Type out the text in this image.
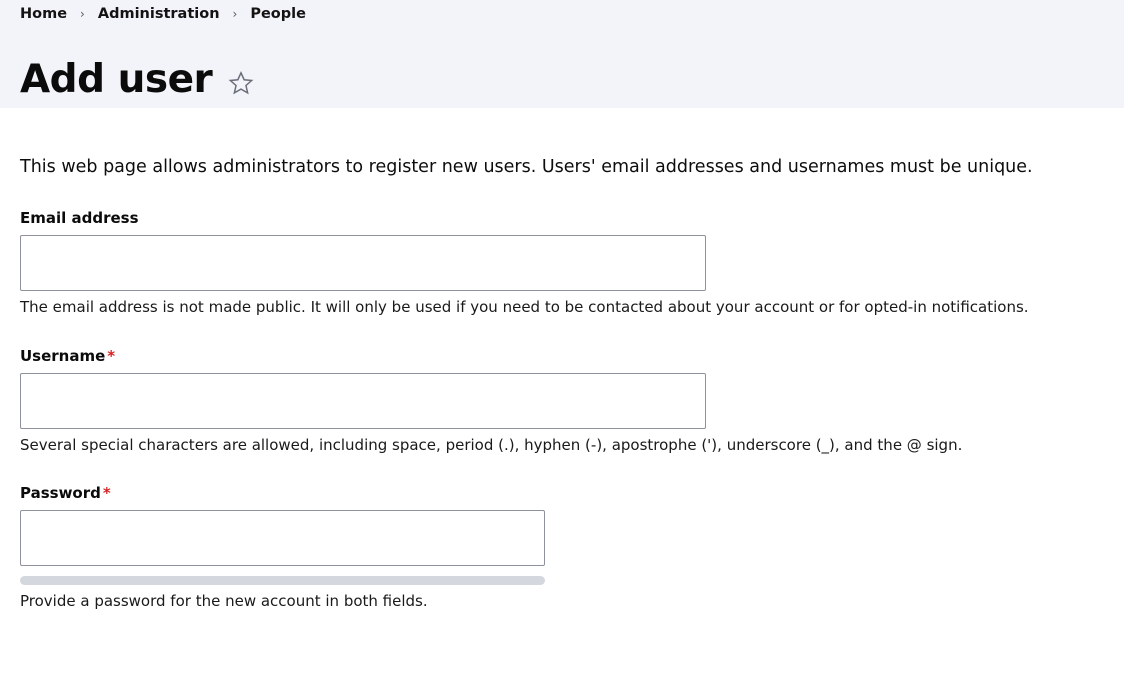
Home › Administration › People
Add user

This web page allows administrators to register new users. Users' email addresses and usernames must be unique.

Email address
The email address is not made public. It will only be used if you need to be contacted about your account or for opted-in notifications.
Username *
Several special characters are allowed, including space, period (.), hyphen (-), apostrophe ('), underscore (_), and the @ sign.
Password *
Provide a password for the new account in both fields.
